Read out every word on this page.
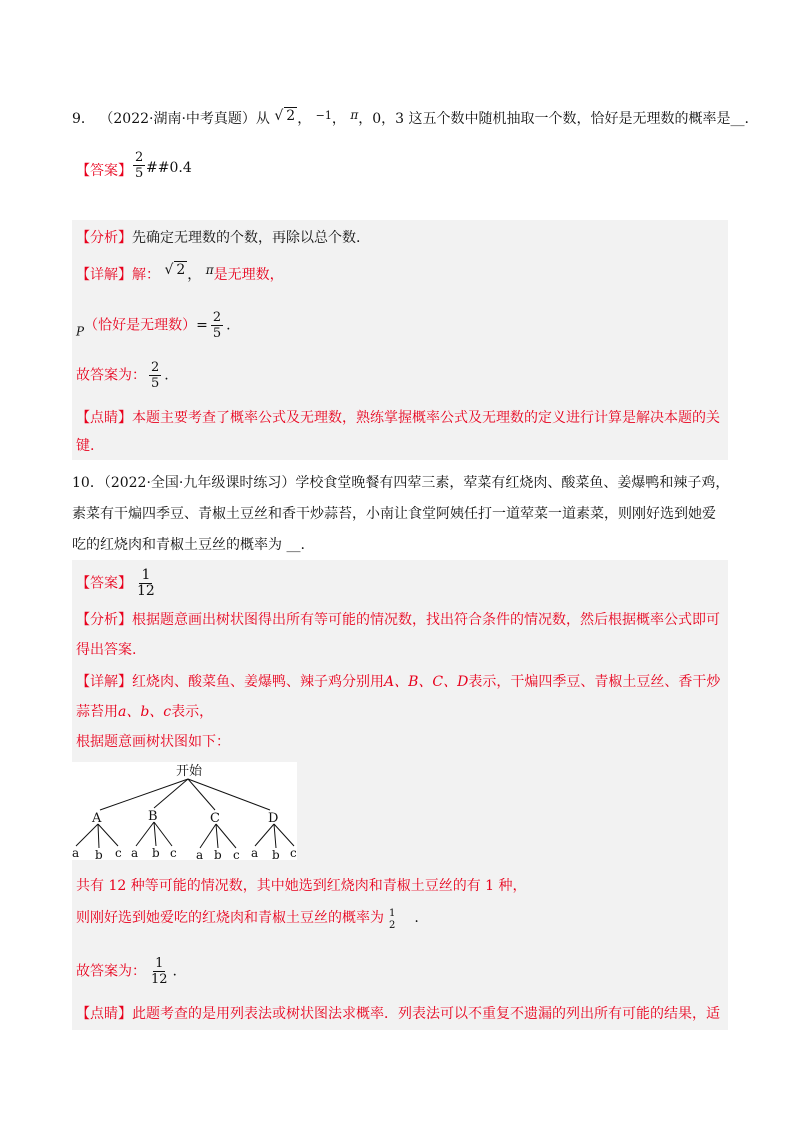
9． （2022·湖南·中考真题）从 √ 2 ， $^{-1}$， π，0，3 这五个数中随机抽取一个数，恰好是无理数的概率是__.
【答案】 $\frac{2}{5}$ ##0.4
【分析】先确定无理数的个数，再除以总个数.
【详解】解： √ 2 ， π是无理数，
P（恰好是无理数）= $\frac{2}{5}$ .
故答案为： $\frac{2}{5}$ .
【点睛】本题主要考查了概率公式及无理数，熟练掌握概率公式及无理数的定义进行计算是解决本题的关
键.
10．（2022·全国·九年级课时练习）学校食堂晚餐有四荤三素，荤菜有红烧肉、酸菜鱼、姜爆鸭和辣子鸡，
素菜有干煸四季豆、青椒土豆丝和香干炒蒜苔，小南让食堂阿姨任打一道荤菜一道素菜，则刚好选到她爱
吃的红烧肉和青椒土豆丝的概率为 __.
【答案】 $\frac{1}{12}$
【分析】根据题意画出树状图得出所有等可能的情况数，找出符合条件的情况数，然后根据概率公式即可
得出答案.
【详解】红烧肉、酸菜鱼、姜爆鸭、辣子鸡分别用A、B、C、D表示，干煸四季豆、青椒土豆丝、香干炒
蒜苔用a、b、c表示，
根据题意画树状图如下：
开始
A	B	C	D
a b c a b c a b c a b c
共有 12 种等可能的情况数，其中她选到红烧肉和青椒土豆丝的有 1 种，
则刚好选到她爱吃的红烧肉和青椒土豆丝的概率为 1
2 .
故答案为： $\frac{1}{12}$ .
【点睛】此题考查的是用列表法或树状图法求概率．列表法可以不重复不遗漏的列出所有可能的结果，适
